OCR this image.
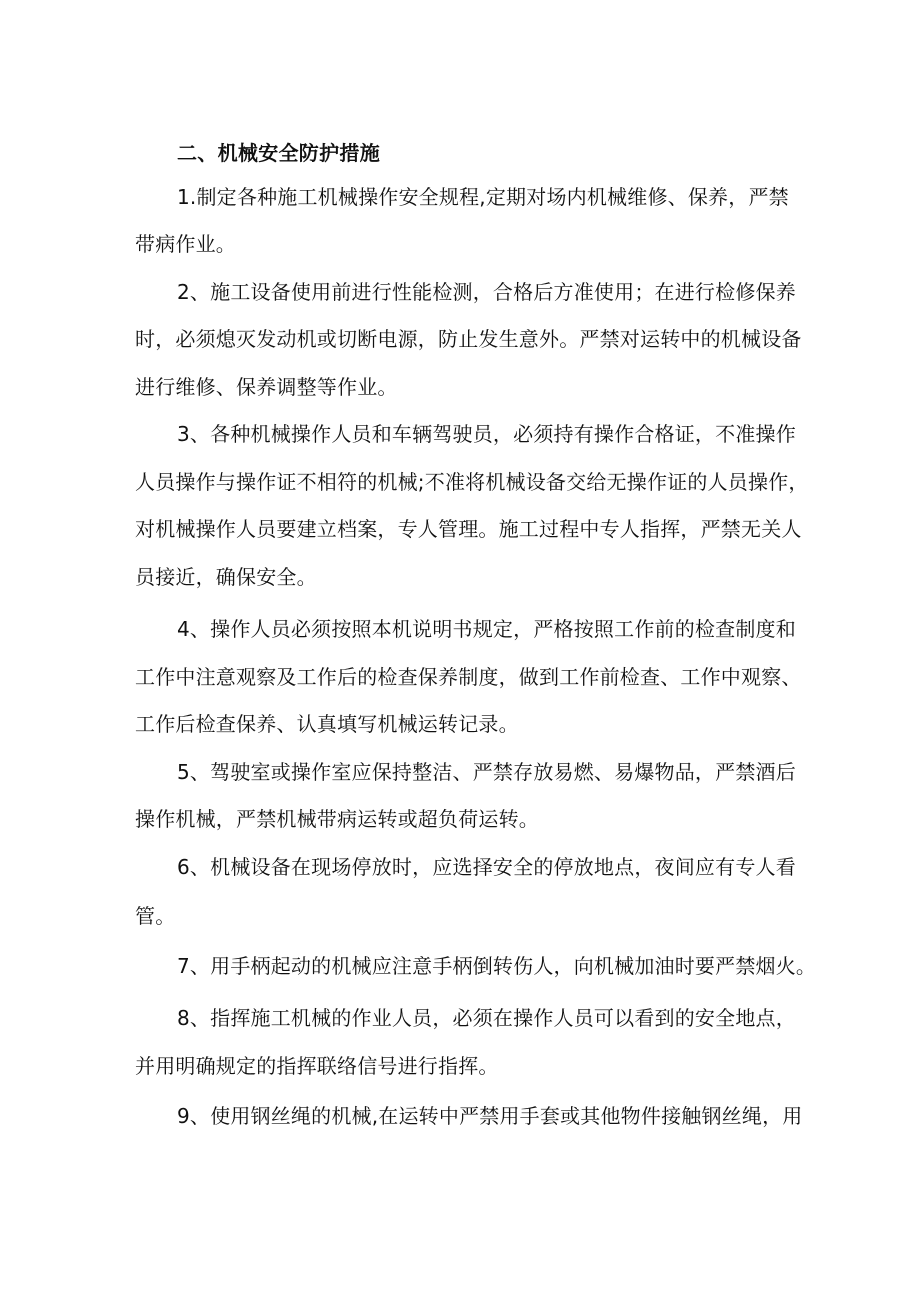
二、机械安全防护措施
1.制定各种施工机械操作安全规程,定期对场内机械维修、保养，严禁
带病作业。
2、施工设备使用前进行性能检测，合格后方准使用；在进行检修保养
时，必须熄灭发动机或切断电源，防止发生意外。严禁对运转中的机械设备
进行维修、保养调整等作业。
3、各种机械操作人员和车辆驾驶员，必须持有操作合格证，不准操作
人员操作与操作证不相符的机械;不准将机械设备交给无操作证的人员操作，
对机械操作人员要建立档案，专人管理。施工过程中专人指挥，严禁无关人
员接近，确保安全。
4、操作人员必须按照本机说明书规定，严格按照工作前的检查制度和
工作中注意观察及工作后的检查保养制度，做到工作前检查、工作中观察、
工作后检查保养、认真填写机械运转记录。
5、驾驶室或操作室应保持整洁、严禁存放易燃、易爆物品，严禁酒后
操作机械，严禁机械带病运转或超负荷运转。
6、机械设备在现场停放时，应选择安全的停放地点，夜间应有专人看
管。
7、用手柄起动的机械应注意手柄倒转伤人，向机械加油时要严禁烟火。
8、指挥施工机械的作业人员，必须在操作人员可以看到的安全地点，
并用明确规定的指挥联络信号进行指挥。
9、使用钢丝绳的机械,在运转中严禁用手套或其他物件接触钢丝绳，用
